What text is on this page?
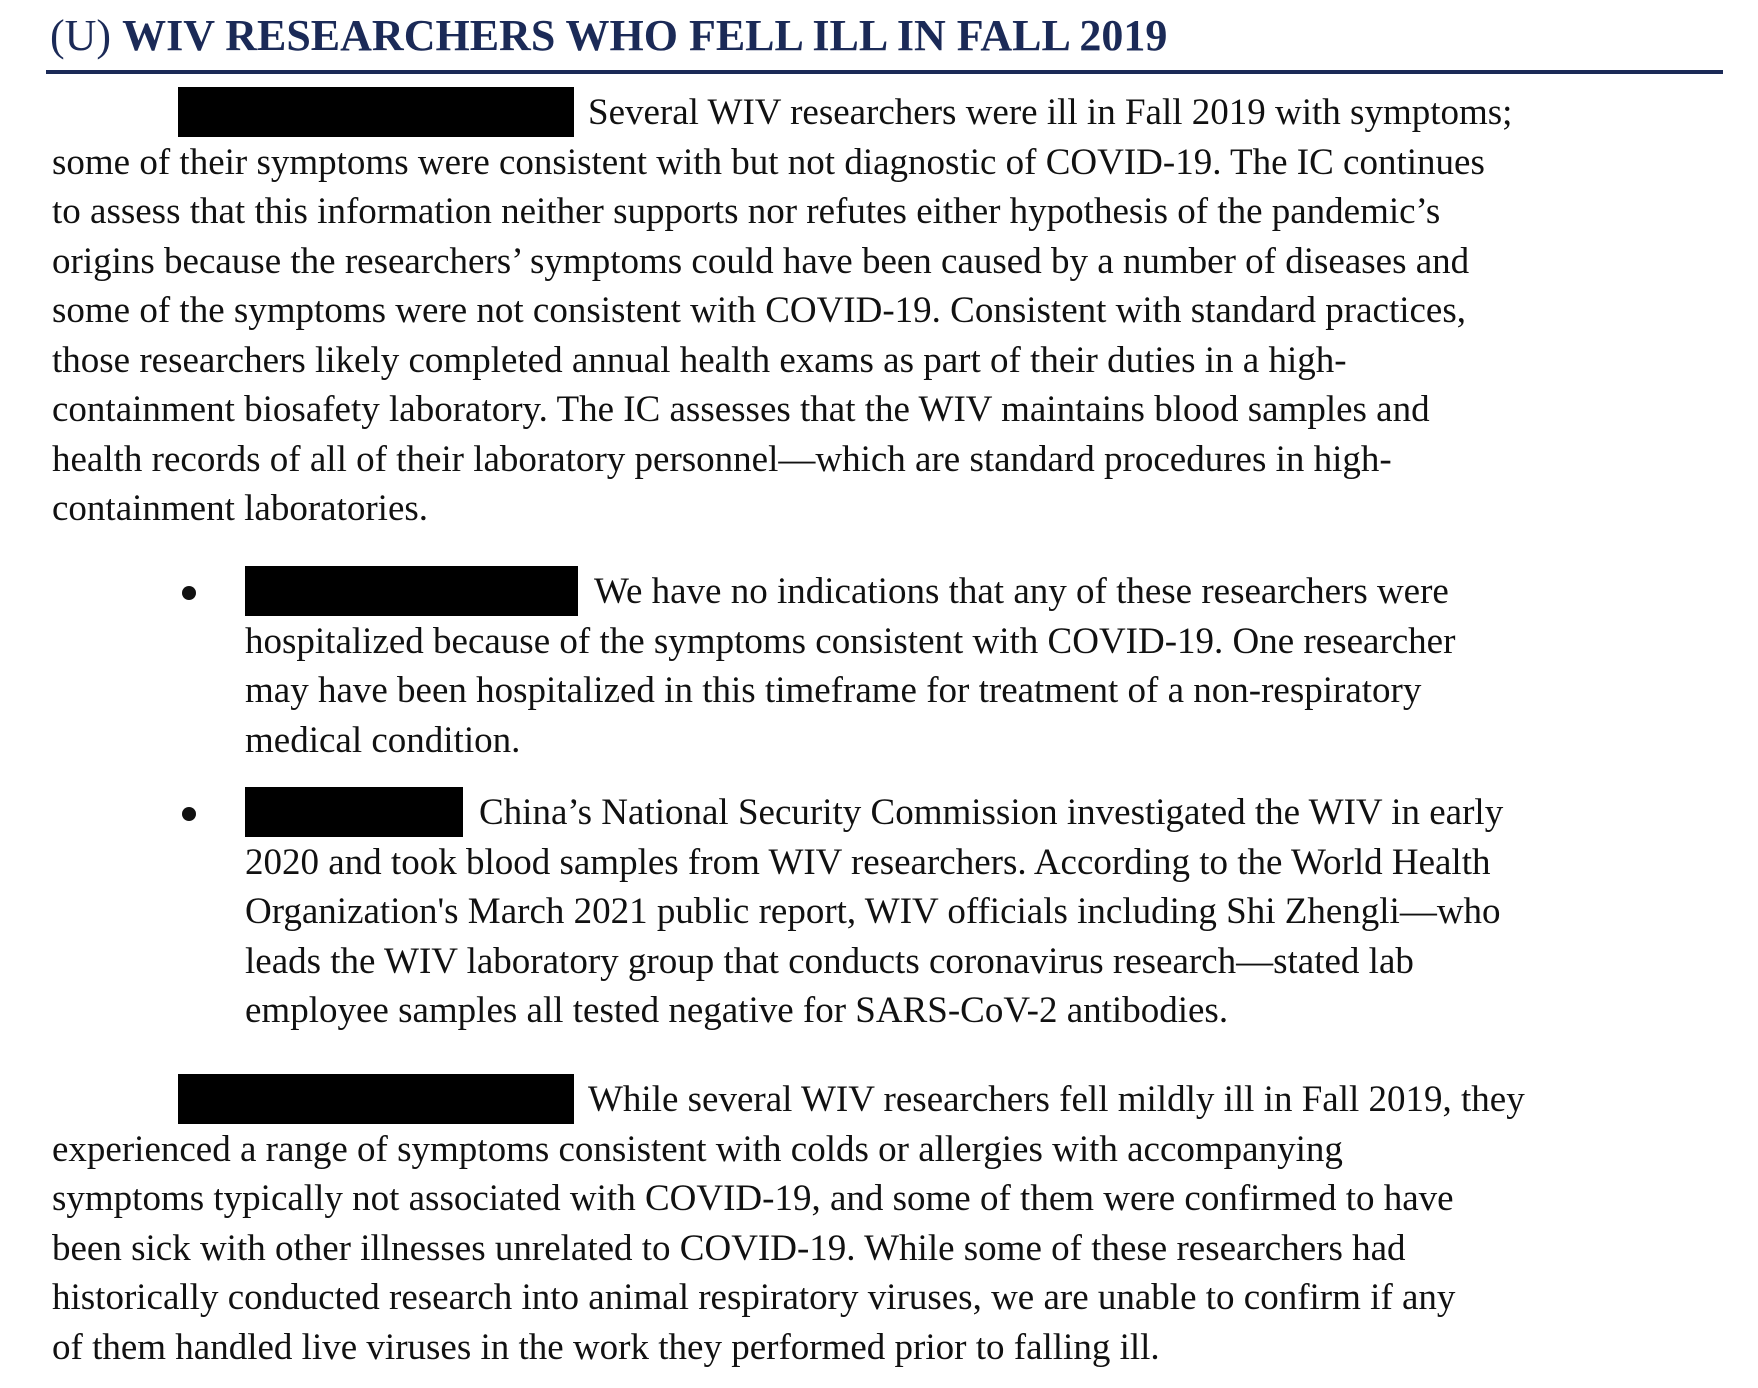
(U) WIV RESEARCHERS WHO FELL ILL IN FALL 2019
Several WIV researchers were ill in Fall 2019 with symptoms;
some of their symptoms were consistent with but not diagnostic of COVID-19. The IC continues
to assess that this information neither supports nor refutes either hypothesis of the pandemic’s
origins because the researchers’ symptoms could have been caused by a number of diseases and
some of the symptoms were not consistent with COVID-19. Consistent with standard practices,
those researchers likely completed annual health exams as part of their duties in a high-
containment biosafety laboratory. The IC assesses that the WIV maintains blood samples and
health records of all of their laboratory personnel—which are standard procedures in high-
containment laboratories.
We have no indications that any of these researchers were
hospitalized because of the symptoms consistent with COVID-19. One researcher
may have been hospitalized in this timeframe for treatment of a non-respiratory
medical condition.
China’s National Security Commission investigated the WIV in early
2020 and took blood samples from WIV researchers. According to the World Health
Organization's March 2021 public report, WIV officials including Shi Zhengli—who
leads the WIV laboratory group that conducts coronavirus research—stated lab
employee samples all tested negative for SARS-CoV-2 antibodies.
While several WIV researchers fell mildly ill in Fall 2019, they
experienced a range of symptoms consistent with colds or allergies with accompanying
symptoms typically not associated with COVID-19, and some of them were confirmed to have
been sick with other illnesses unrelated to COVID-19. While some of these researchers had
historically conducted research into animal respiratory viruses, we are unable to confirm if any
of them handled live viruses in the work they performed prior to falling ill.
